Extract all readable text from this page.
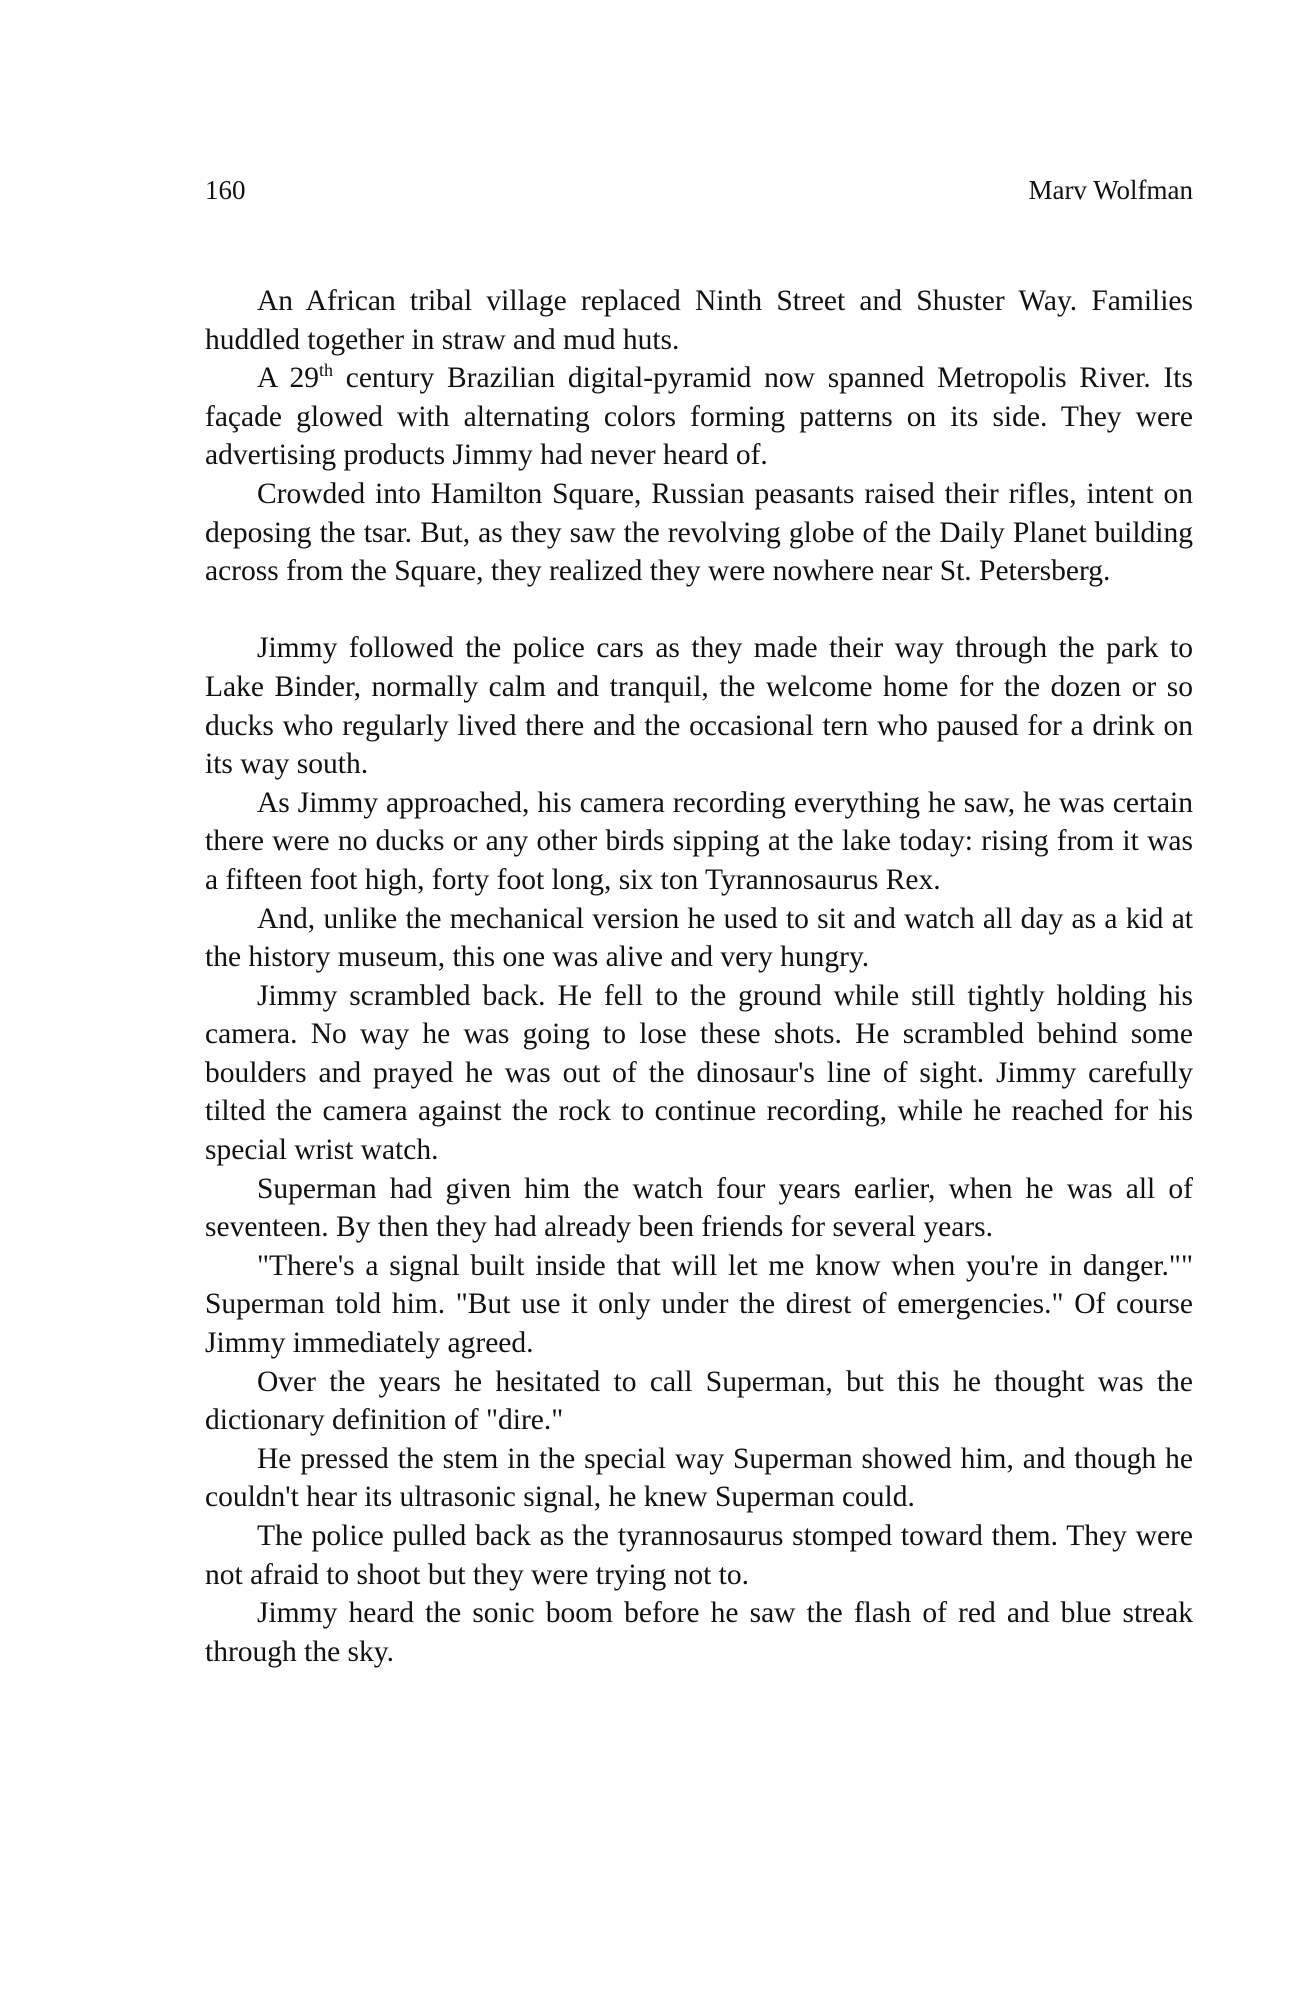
160	Marv Wolfman

An African tribal village replaced Ninth Street and Shuster Way. Families huddled together in straw and mud huts.

A 29th century Brazilian digital-pyramid now spanned Metropolis River. Its façade glowed with alternating colors forming patterns on its side. They were advertising products Jimmy had never heard of.

Crowded into Hamilton Square, Russian peasants raised their rifles, intent on deposing the tsar. But, as they saw the revolving globe of the Daily Planet building across from the Square, they realized they were nowhere near St. Petersberg.

Jimmy followed the police cars as they made their way through the park to Lake Binder, normally calm and tranquil, the welcome home for the dozen or so ducks who regularly lived there and the occasional tern who paused for a drink on its way south.

As Jimmy approached, his camera recording everything he saw, he was certain there were no ducks or any other birds sipping at the lake today: rising from it was a fifteen foot high, forty foot long, six ton Tyrannosaurus Rex.

And, unlike the mechanical version he used to sit and watch all day as a kid at the history museum, this one was alive and very hungry.

Jimmy scrambled back. He fell to the ground while still tightly holding his camera. No way he was going to lose these shots. He scrambled behind some boulders and prayed he was out of the dinosaur's line of sight. Jimmy carefully tilted the camera against the rock to continue recording, while he reached for his special wrist watch.

Superman had given him the watch four years earlier, when he was all of seventeen. By then they had already been friends for several years.

"There's a signal built inside that will let me know when you're in danger."" Superman told him. "But use it only under the direst of emergencies." Of course Jimmy immediately agreed.

Over the years he hesitated to call Superman, but this he thought was the dictionary definition of "dire."

He pressed the stem in the special way Superman showed him, and though he couldn't hear its ultrasonic signal, he knew Superman could.

The police pulled back as the tyrannosaurus stomped toward them. They were not afraid to shoot but they were trying not to.

Jimmy heard the sonic boom before he saw the flash of red and blue streak through the sky.
